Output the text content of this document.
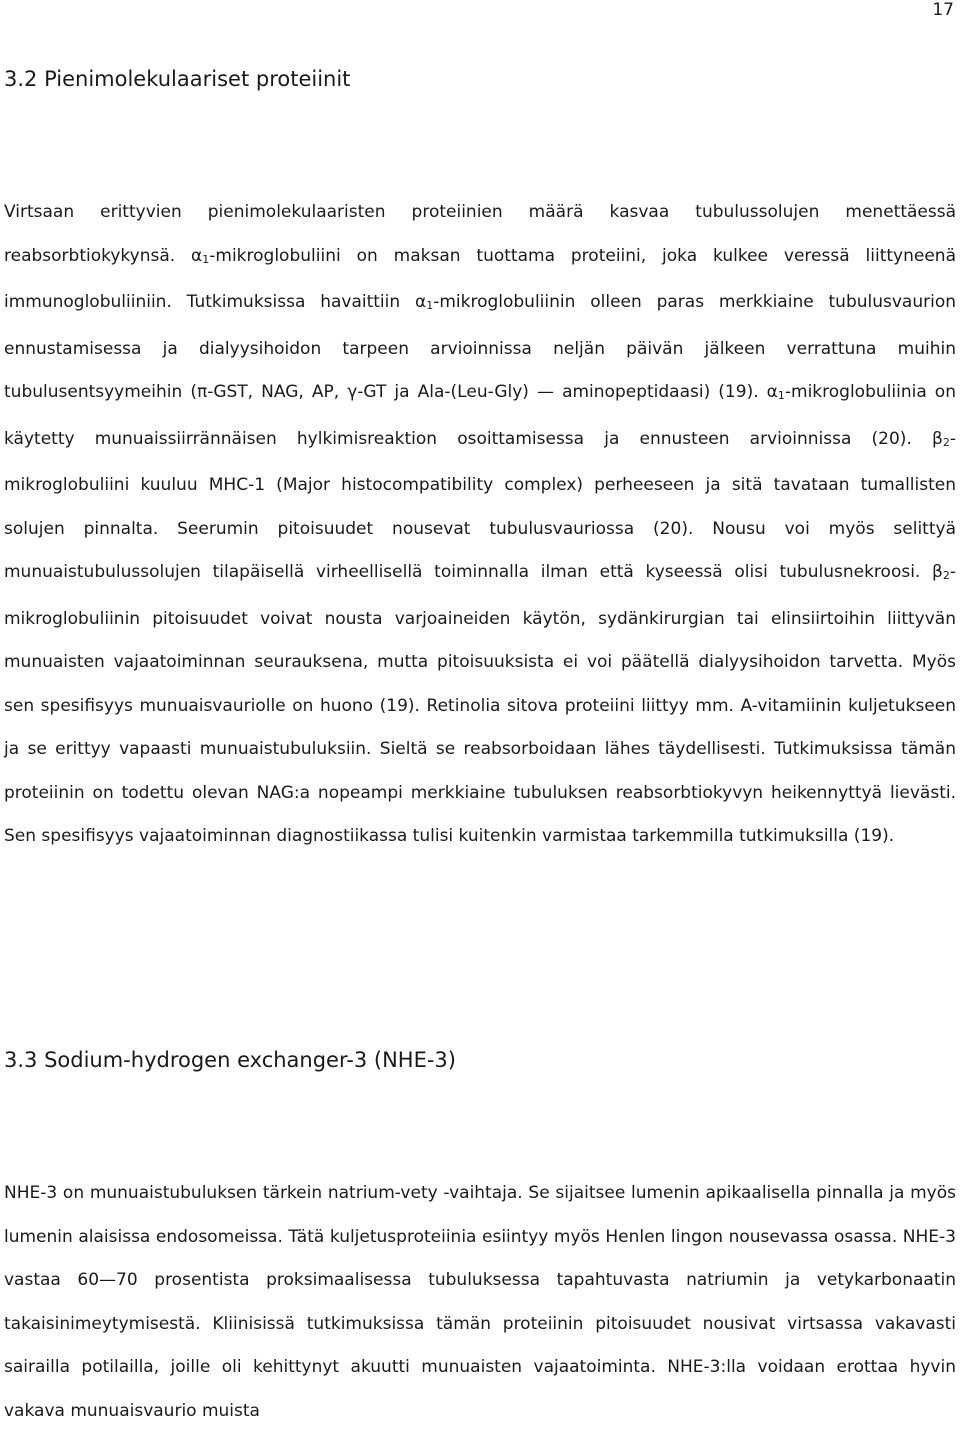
17
3.2 Pienimolekulaariset proteiinit

Virtsaan erittyvien pienimolekulaaristen proteiinien määrä kasvaa tubulussolujen menettäessä reabsorbtiokykynsä. $\alpha_1$-mikroglobuliini on maksan tuottama proteiini, joka kulkee veressä liittyneenä immunoglobuliiniin. Tutkimuksissa havaittiin $\alpha_1$-mikroglobuliinin olleen paras merkkiaine tubulusvaurion ennustamisessa ja dialyysihoidon tarpeen arvioinnissa neljän päivän jälkeen verrattuna muihin tubulusentsyymeihin (π-GST, NAG, AP, γ-GT ja Ala-(Leu-Gly) — aminopeptidaasi) (19). $\alpha_1$-mikroglobuliinia on käytetty munuaissiirrännäisen hylkimisreaktion osoittamisessa ja ennusteen arvioinnissa (20). $\beta_2$-mikroglobuliini kuuluu MHC-1 (Major histocompatibility complex) perheeseen ja sitä tavataan tumallisten solujen pinnalta. Seerumin pitoisuudet nousevat tubulusvauriossa (20). Nousu voi myös selittyä munuaistubulussolujen tilapäisellä virheellisellä toiminnalla ilman että kyseessä olisi tubulusnekroosi. $\beta_2$-mikroglobuliinin pitoisuudet voivat nousta varjoaineiden käytön, sydänkirurgian tai elinsiirtoihin liittyvän munuaisten vajaatoiminnan seurauksena, mutta pitoisuuksista ei voi päätellä dialyysihoidon tarvetta. Myös sen spesifisyys munuaisvauriolle on huono (19). Retinolia sitova proteiini liittyy mm. A-vitamiinin kuljetukseen ja se erittyy vapaasti munuaistubuluksiin. Sieltä se reabsorboidaan lähes täydellisesti. Tutkimuksissa tämän proteiinin on todettu olevan NAG:a nopeampi merkkiaine tubuluksen reabsorbtiokyvyn heikennyttyä lievästi. Sen spesifisyys vajaatoiminnan diagnostiikassa tulisi kuitenkin varmistaa tarkemmilla tutkimuksilla (19).

3.3 Sodium-hydrogen exchanger-3 (NHE-3)

NHE-3 on munuaistubuluksen tärkein natrium-vety -vaihtaja. Se sijaitsee lumenin apikaalisella pinnalla ja myös lumenin alaisissa endosomeissa. Tätä kuljetusproteiinia esiintyy myös Henlen lingon nousevassa osassa. NHE-3 vastaa 60—70 prosentista proksimaalisessa tubuluksessa tapahtuvasta natriumin ja vetykarbonaatin takaisinimeytymisestä. Kliinisissä tutkimuksissa tämän proteiinin pitoisuudet nousivat virtsassa vakavasti sairailla potilailla, joille oli kehittynyt akuutti munuaisten vajaatoiminta. NHE-3:lla voidaan erottaa hyvin vakava munuaisvaurio muista
